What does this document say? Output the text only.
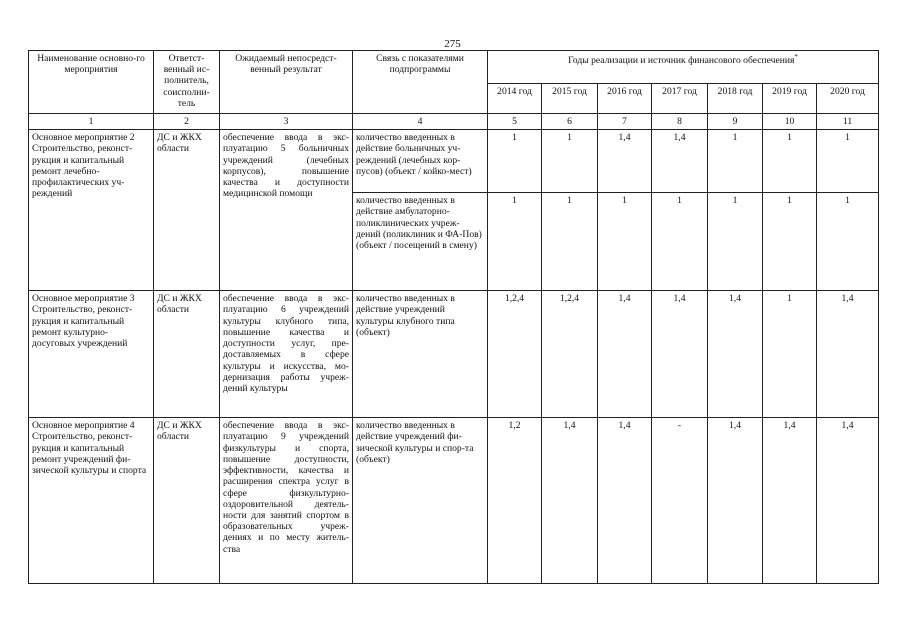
275
Наименование основно-го мероприятия	Ответст-венный ис-полнитель, соисполни-тель	Ожидаемый непосредст-венный результат	Связь с показателями подпрограммы	Годы реализации и источник финансового обеспечения*
				2014 год	2015 год	2016 год	2017 год	2018 год	2019 год	2020 год
1	2	3	4	5	6	7	8	9	10	11
Основное мероприятие 2 Строительство, реконст-рукция и капитальный ремонт лечебно-профилактических уч-реждений	ДС и ЖКХ области	обеспечение ввода в экс-плуатацию 5 больничных учреждений (лечебных корпусов), повышение качества и доступности медицинской помощи	количество введенных в действие больничных уч-реждений (лечебных кор-пусов) (объект / койко-мест)	1	1	1,4	1,4	1	1	1
			количество введенных в действие амбулаторно-поликлинических учреж-дений (поликлиник и ФА-Пов) (объект / посещений в смену)	1	1	1	1	1	1	1
Основное мероприятие 3 Строительство, реконст-рукция и капитальный ремонт культурно-досуговых учреждений	ДС и ЖКХ области	обеспечение ввода в экс-плуатацию 6 учреждений культуры клубного типа, повышение качества и доступности услуг, пре-доставляемых в сфере культуры и искусства, мо-дернизация работы учреж-дений культуры	количество введенных в действие учреждений культуры клубного типа (объект)	1,2,4	1,2,4	1,4	1,4	1,4	1	1,4
Основное мероприятие 4 Строительство, реконст-рукция и капитальный ремонт учреждений фи-зической культуры и спорта	ДС и ЖКХ области	обеспечение ввода в экс-плуатацию 9 учреждений физкультуры и спорта, повышение доступности, эффективности, качества и расширения спектра услуг в сфере физкультурно-оздоровительной деятель-ности для занятий спортом в образовательных учреж-дениях и по месту житель-ства	количество введенных в действие учреждений фи-зической культуры и спор-та (объект)	1,2	1,4	1,4	-	1,4	1,4	1,4
